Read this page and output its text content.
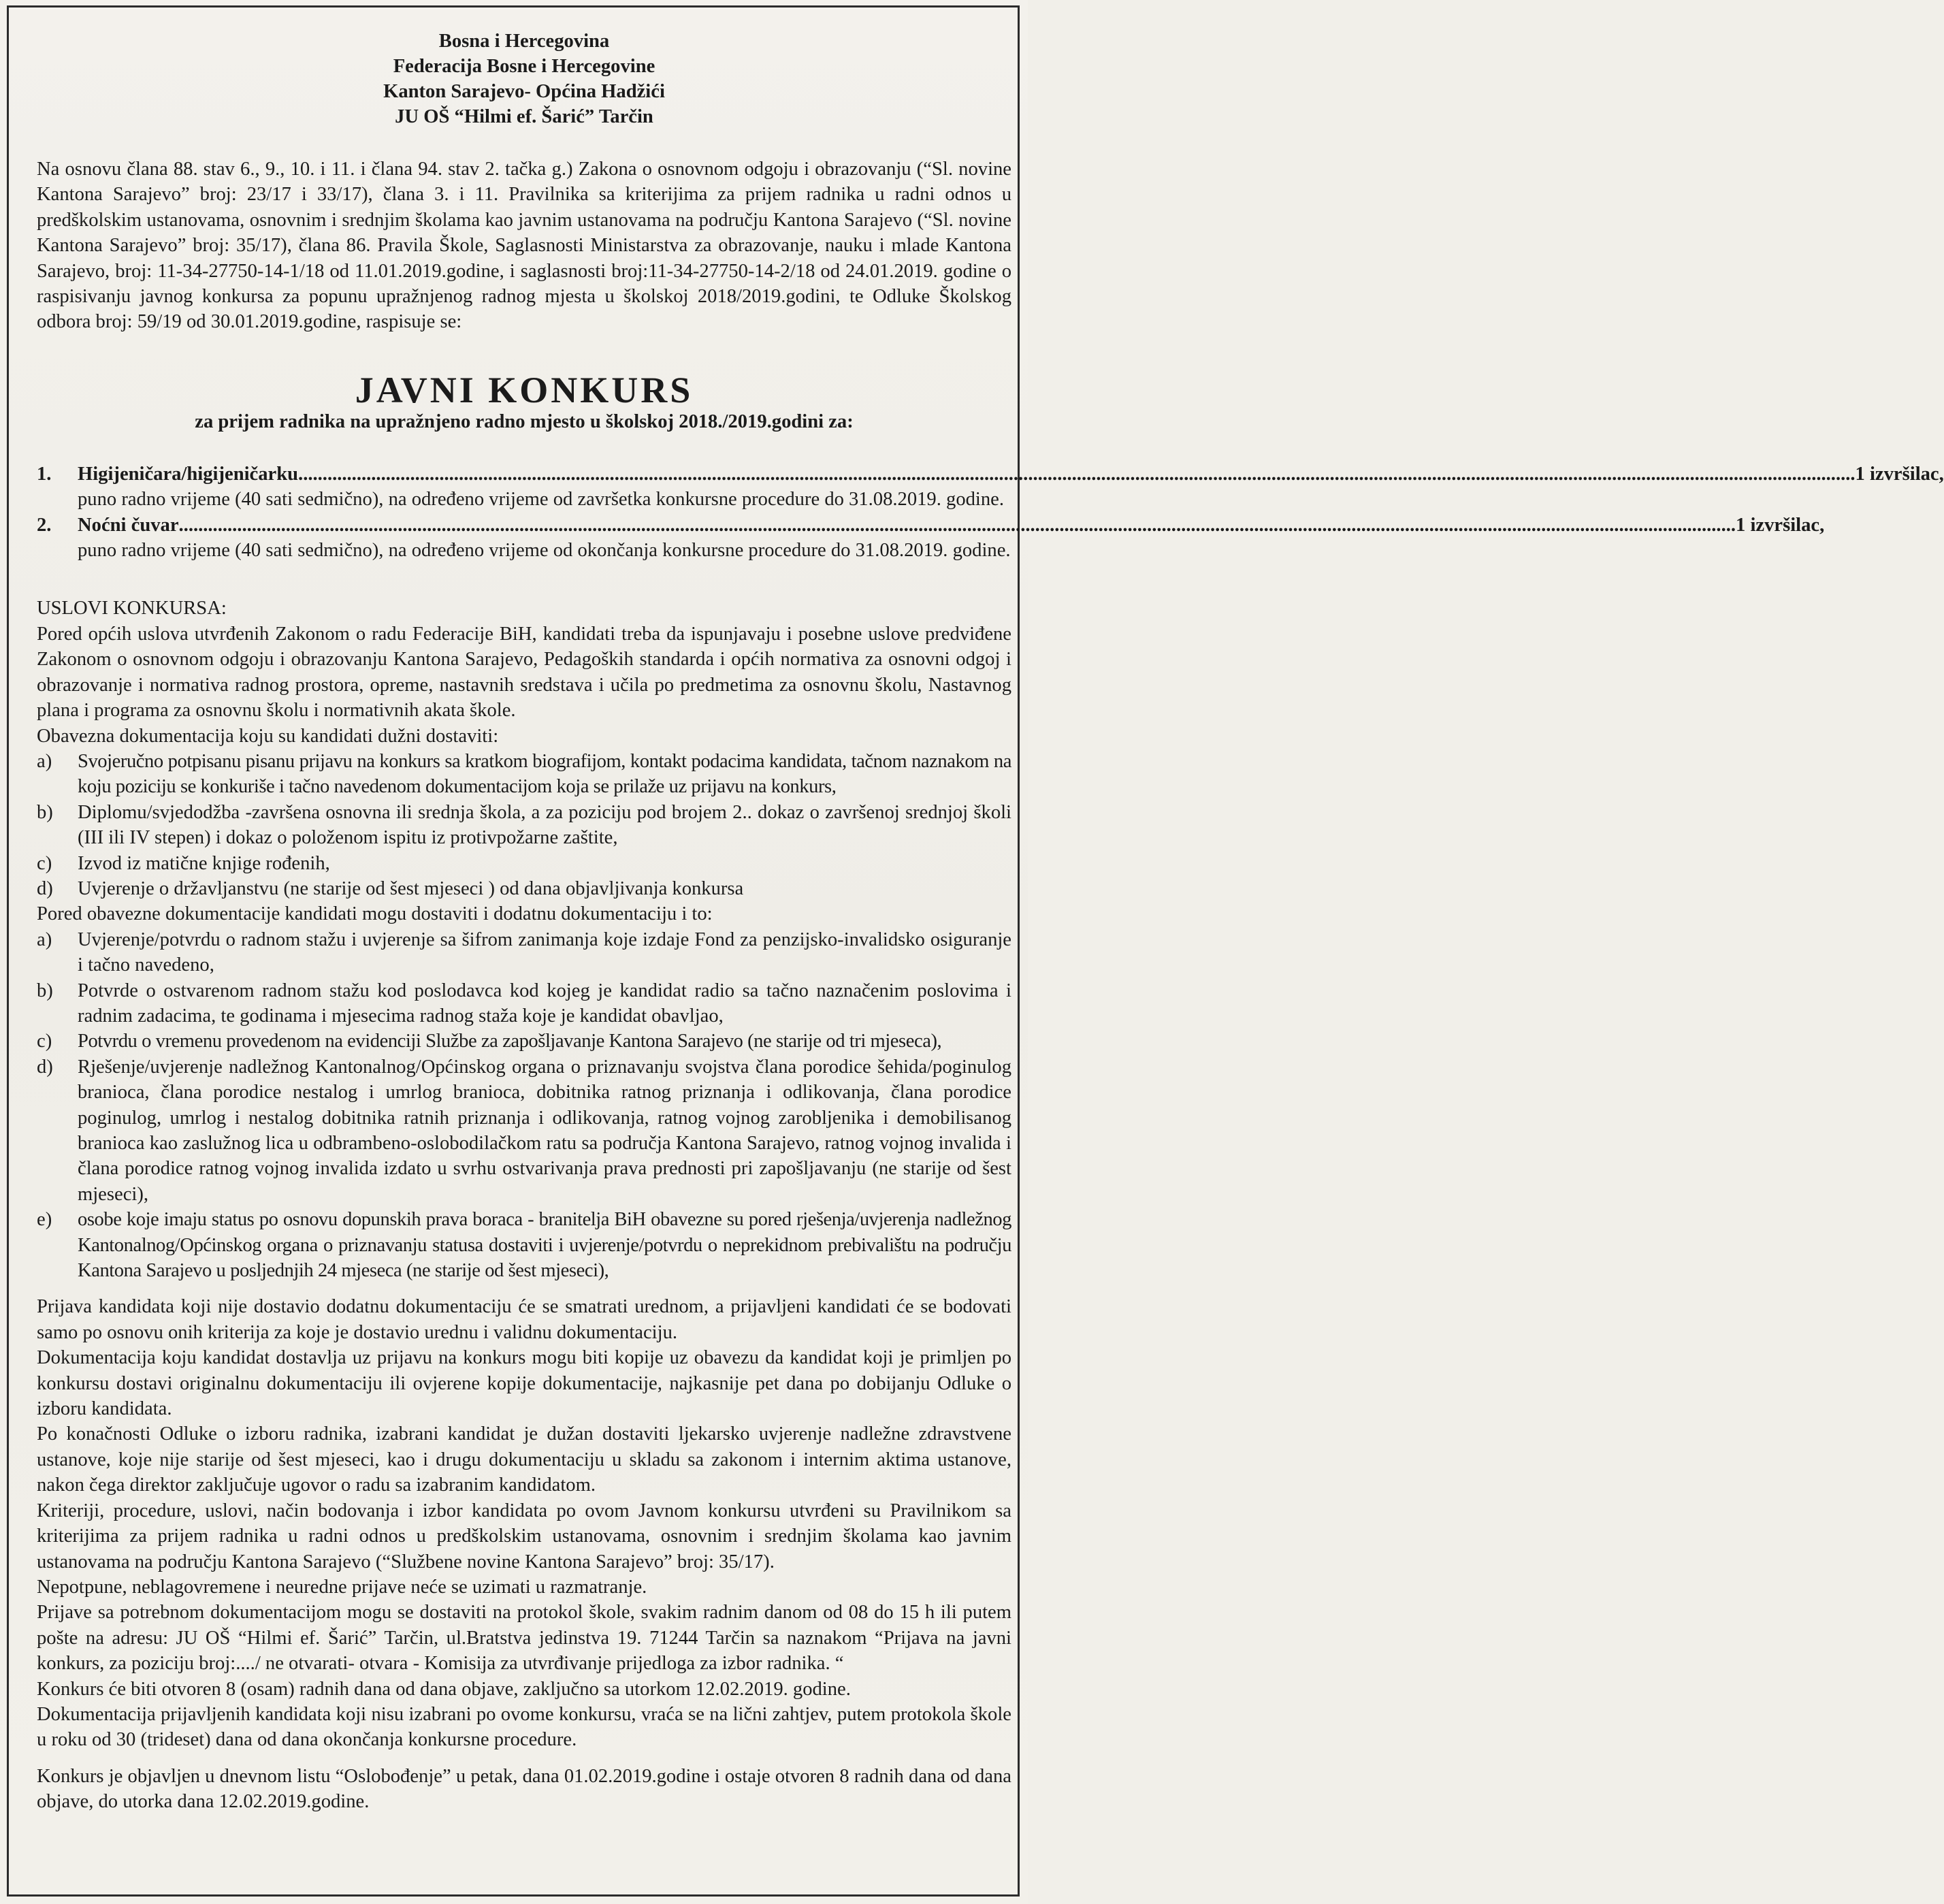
Bosna i Hercegovina
Federacija Bosne i Hercegovine
Kanton Sarajevo- Općina Hadžići
JU OŠ “Hilmi ef. Šarić” Tarčin
Na osnovu člana 88. stav 6., 9., 10. i 11. i člana 94. stav 2. tačka g.) Zakona o osnovnom odgoju i obrazovanju (“Sl. novine Kantona Sarajevo” broj: 23/17 i 33/17), člana 3. i 11. Pravilnika sa kriterijima za prijem radnika u radni odnos u predškolskim ustanovama, osnovnim i srednjim školama kao javnim ustanovama na području Kantona Sarajevo (“Sl. novine Kantona Sarajevo” broj: 35/17), člana 86. Pravila Škole, Saglasnosti Ministarstva za obrazovanje, nauku i mlade Kantona Sarajevo, broj: 11-34-27750-14-1/18 od 11.01.2019.godine, i saglasnosti broj:11-34-27750-14-2/18 od 24.01.2019. godine o raspisivanju javnog konkursa za popunu upražnjenog radnog mjesta u školskoj 2018/2019.godini, te Odluke Školskog odbora broj: 59/19 od 30.01.2019.godine, raspisuje se:
JAVNI KONKURS
za prijem radnika na upražnjeno radno mjesto u školskoj 2018./2019.godini za:
1.	Higijeničara/higijeničarku .....	1 izvršilac,
puno radno vrijeme (40 sati sedmično), na određeno vrijeme od završetka konkursne procedure do 31.08.2019. godine.
2.	Noćni čuvar .....	1 izvršilac,
puno radno vrijeme (40 sati sedmično), na određeno vrijeme od okončanja konkursne procedure do 31.08.2019. godine.
USLOVI KONKURSA:
Pored općih uslova utvrđenih Zakonom o radu Federacije BiH, kandidati treba da ispunjavaju i posebne uslove predviđene Zakonom o osnovnom odgoju i obrazovanju Kantona Sarajevo, Pedagoških standarda i općih normativa za osnovni odgoj i obrazovanje i normativa radnog prostora, opreme, nastavnih sredstava i učila po predmetima za osnovnu školu, Nastavnog plana i programa za osnovnu školu i normativnih akata škole.
Obavezna dokumentacija koju su kandidati dužni dostaviti:
a)	Svojeručno potpisanu pisanu prijavu na konkurs sa kratkom biografijom, kontakt podacima kandidata, tačnom naznakom na koju poziciju se konkuriše i tačno navedenom dokumentacijom koja se prilaže uz prijavu na konkurs,
b)	Diplomu/svjedodžba -završena osnovna ili srednja škola, a za poziciju pod brojem 2.. dokaz o završenoj srednjoj školi (III ili IV stepen) i dokaz o položenom ispitu iz protivpožarne zaštite,
c)	Izvod iz matične knjige rođenih,
d)	Uvjerenje o državljanstvu (ne starije od šest mjeseci ) od dana objavljivanja konkursa
Pored obavezne dokumentacije kandidati mogu dostaviti i dodatnu dokumentaciju i to:
a)	Uvjerenje/potvrdu o radnom stažu i uvjerenje sa šifrom zanimanja koje izdaje Fond za penzijsko-invalidsko osiguranje i tačno navedeno,
b)	Potvrde o ostvarenom radnom stažu kod poslodavca kod kojeg je kandidat radio sa tačno naznačenim poslovima i radnim zadacima, te godinama i mjesecima radnog staža koje je kandidat obavljao,
c)	Potvrdu o vremenu provedenom na evidenciji Službe za zapošljavanje Kantona Sarajevo (ne starije od tri mjeseca),
d)	Rješenje/uvjerenje nadležnog Kantonalnog/Općinskog organa o priznavanju svojstva člana porodice šehida/poginulog branioca, člana porodice nestalog i umrlog branioca, dobitnika ratnog priznanja i odlikovanja, člana porodice poginulog, umrlog i nestalog dobitnika ratnih priznanja i odlikovanja, ratnog vojnog zarobljenika i demobilisanog branioca kao zaslužnog lica u odbrambeno-oslobodilačkom ratu sa područja Kantona Sarajevo, ratnog vojnog invalida i člana porodice ratnog vojnog invalida izdato u svrhu ostvarivanja prava prednosti pri zapošljavanju (ne starije od šest mjeseci),
e)	osobe koje imaju status po osnovu dopunskih prava boraca - branitelja BiH obavezne su pored rješenja/uvjerenja nadležnog Kantonalnog/Općinskog organa o priznavanju statusa dostaviti i uvjerenje/potvrdu o neprekidnom prebivalištu na području Kantona Sarajevo u posljednjih 24 mjeseca (ne starije od šest mjeseci),
Prijava kandidata koji nije dostavio dodatnu dokumentaciju će se smatrati urednom, a prijavljeni kandidati će se bodovati samo po osnovu onih kriterija za koje je dostavio urednu i validnu dokumentaciju.
Dokumentacija koju kandidat dostavlja uz prijavu na konkurs mogu biti kopije uz obavezu da kandidat koji je primljen po konkursu dostavi originalnu dokumentaciju ili ovjerene kopije dokumentacije, najkasnije pet dana po dobijanju Odluke o izboru kandidata.
Po konačnosti Odluke o izboru radnika, izabrani kandidat je dužan dostaviti ljekarsko uvjerenje nadležne zdravstvene ustanove, koje nije starije od šest mjeseci, kao i drugu dokumentaciju u skladu sa zakonom i internim aktima ustanove, nakon čega direktor zaključuje ugovor o radu sa izabranim kandidatom.
Kriteriji, procedure, uslovi, način bodovanja i izbor kandidata po ovom Javnom konkursu utvrđeni su Pravilnikom sa kriterijima za prijem radnika u radni odnos u predškolskim ustanovama, osnovnim i srednjim školama kao javnim ustanovama na području Kantona Sarajevo (“Službene novine Kantona Sarajevo” broj: 35/17).
Nepotpune, neblagovremene i neuredne prijave neće se uzimati u razmatranje.
Prijave sa potrebnom dokumentacijom mogu se dostaviti na protokol škole, svakim radnim danom od 08 do 15 h ili putem pošte na adresu: JU OŠ “Hilmi ef. Šarić” Tarčin, ul.Bratstva jedinstva 19. 71244 Tarčin sa naznakom “Prijava na javni konkurs, za poziciju broj:..../ ne otvarati- otvara - Komisija za utvrđivanje prijedloga za izbor radnika. “
Konkurs će biti otvoren 8 (osam) radnih dana od dana objave, zaključno sa utorkom 12.02.2019. godine.
Dokumentacija prijavljenih kandidata koji nisu izabrani po ovome konkursu, vraća se na lični zahtjev, putem protokola škole u roku od 30 (trideset) dana od dana okončanja konkursne procedure.
Konkurs je objavljen u dnevnom listu “Oslobođenje” u petak, dana 01.02.2019.godine i ostaje otvoren 8 radnih dana od dana objave, do utorka dana 12.02.2019.godine.
